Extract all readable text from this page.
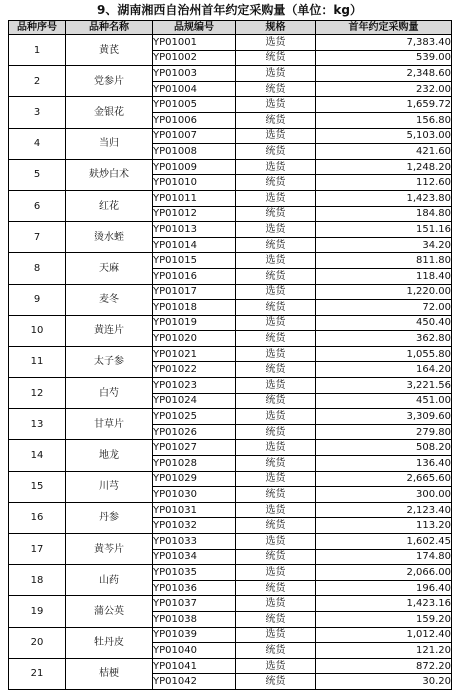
9、湖南湘西自治州首年约定采购量（单位：kg）
品种序号	品种名称	品规编号	规格	首年约定采购量
1	黄芪	YP01001	选货	7,383.40
		YP01002	统货	539.00
2	党参片	YP01003	选货	2,348.60
		YP01004	统货	232.00
3	金银花	YP01005	选货	1,659.72
		YP01006	统货	156.80
4	当归	YP01007	选货	5,103.00
		YP01008	统货	421.60
5	麸炒白术	YP01009	选货	1,248.20
		YP01010	统货	112.60
6	红花	YP01011	选货	1,423.80
		YP01012	统货	184.80
7	烫水蛭	YP01013	选货	151.16
		YP01014	统货	34.20
8	天麻	YP01015	选货	811.80
		YP01016	统货	118.40
9	麦冬	YP01017	选货	1,220.00
		YP01018	统货	72.00
10	黄连片	YP01019	选货	450.40
		YP01020	统货	362.80
11	太子参	YP01021	选货	1,055.80
		YP01022	统货	164.20
12	白芍	YP01023	选货	3,221.56
		YP01024	统货	451.00
13	甘草片	YP01025	选货	3,309.60
		YP01026	统货	279.80
14	地龙	YP01027	选货	508.20
		YP01028	统货	136.40
15	川芎	YP01029	选货	2,665.60
		YP01030	统货	300.00
16	丹参	YP01031	选货	2,123.40
		YP01032	统货	113.20
17	黄芩片	YP01033	选货	1,602.45
		YP01034	统货	174.80
18	山药	YP01035	选货	2,066.00
		YP01036	统货	196.40
19	蒲公英	YP01037	选货	1,423.16
		YP01038	统货	159.20
20	牡丹皮	YP01039	选货	1,012.40
		YP01040	统货	121.20
21	桔梗	YP01041	选货	872.20
		YP01042	统货	30.20
